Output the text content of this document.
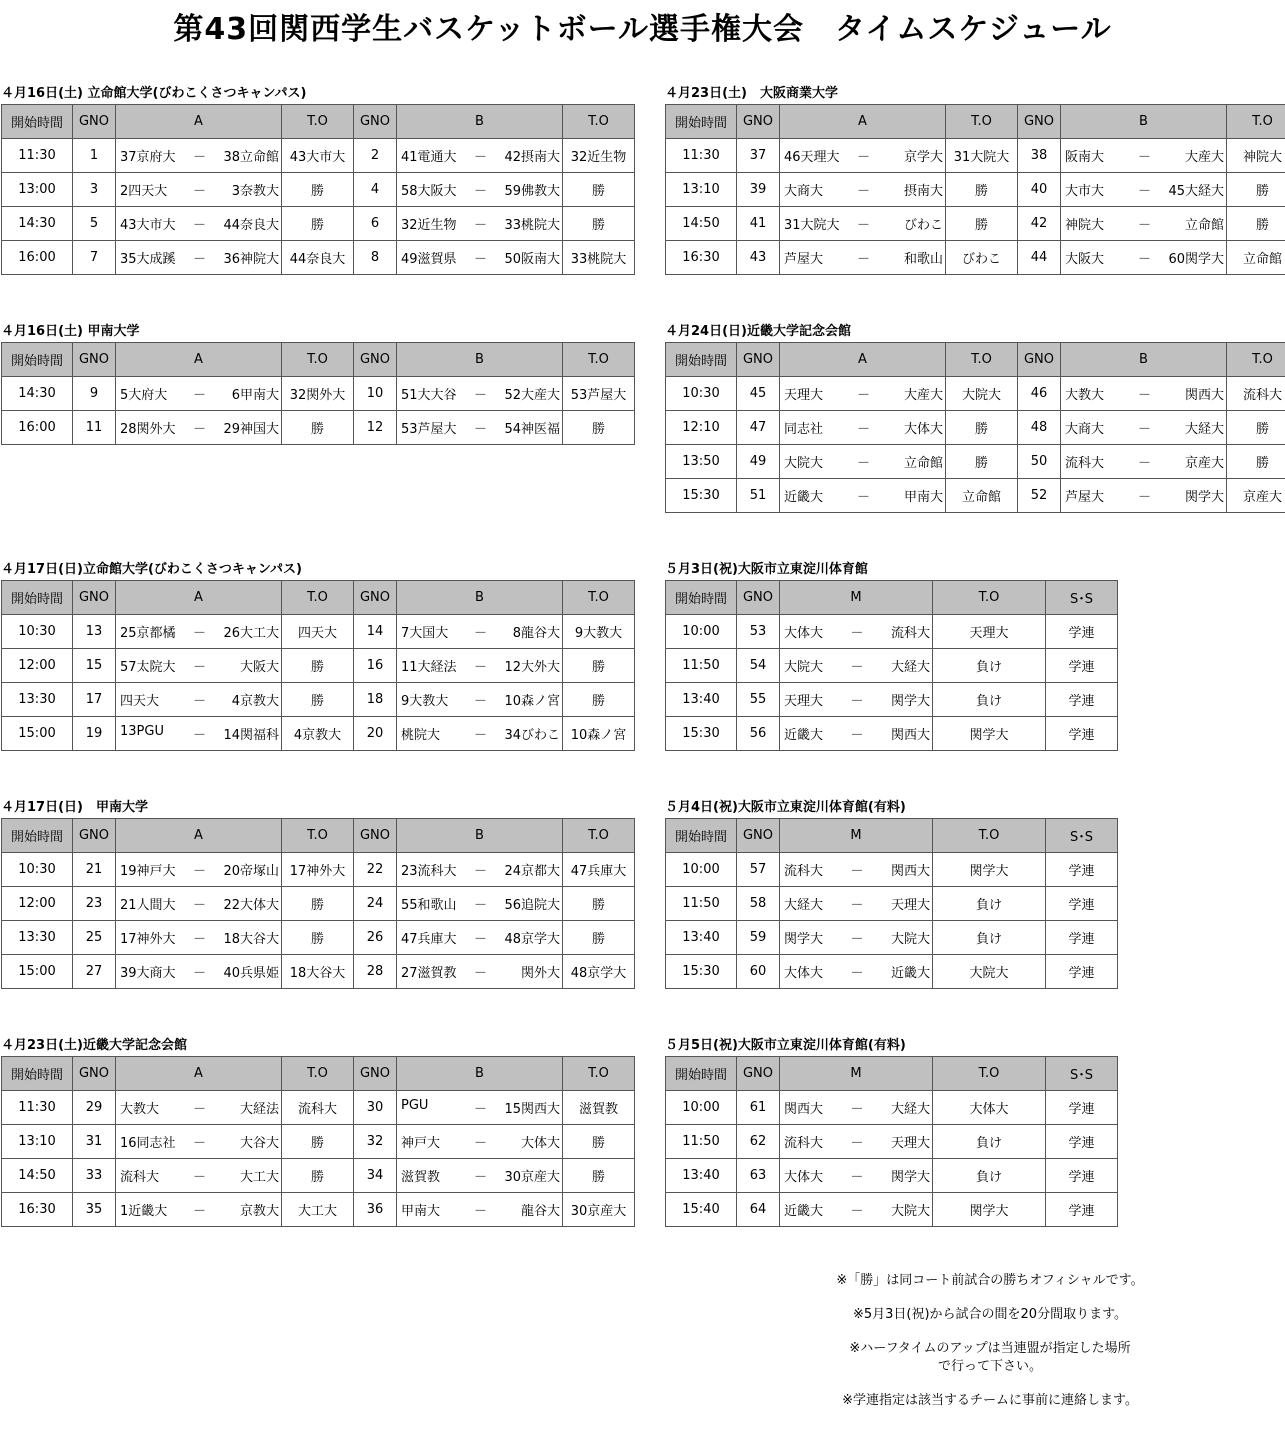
第43回関西学生バスケットボール選手権大会　タイムスケジュール
４月16日(土) 立命館大学(びわこくさつキャンパス)
開始時間	GNO	A	T.O	GNO	B	T.O
11:30	1	37京府大 － 38立命館	43大市大	2	41電通大 － 42摂南大	32近生物
13:00	3	2四天大 － 3奈教大	勝	4	58大阪大 － 59佛教大	勝
14:30	5	43大市大 － 44奈良大	勝	6	32近生物 － 33桃院大	勝
16:00	7	35大成蹊 － 36神院大	44奈良大	8	49滋賀県 － 50阪南大	33桃院大
４月16日(土) 甲南大学
開始時間	GNO	A	T.O	GNO	B	T.O
14:30	9	5大府大 － 6甲南大	32関外大	10	51大大谷 － 52大産大	53芦屋大
16:00	11	28関外大 － 29神国大	勝	12	53芦屋大 － 54神医福	勝
４月17日(日)立命館大学(びわこくさつキャンパス)
開始時間	GNO	A	T.O	GNO	B	T.O
10:30	13	25京都橘 － 26大工大	四天大	14	7大国大 － 8龍谷大	9大教大
12:00	15	57太院大 － 大阪大	勝	16	11大経法 － 12大外大	勝
13:30	17	四天大 － 4京教大	勝	18	9大教大 － 10森ノ宮	勝
15:00	19	13PGU － 14関福科	4京教大	20	桃院大 － 34びわこ	10森ノ宮
４月17日(日)　甲南大学
開始時間	GNO	A	T.O	GNO	B	T.O
10:30	21	19神戸大 － 20帝塚山	17神外大	22	23流科大 － 24京都大	47兵庫大
12:00	23	21人間大 － 22大体大	勝	24	55和歌山 － 56追院大	勝
13:30	25	17神外大 － 18大谷大	勝	26	47兵庫大 － 48京学大	勝
15:00	27	39大商大 － 40兵県姫	18大谷大	28	27滋賀教 － 関外大	48京学大
４月23日(土)近畿大学記念会館
開始時間	GNO	A	T.O	GNO	B	T.O
11:30	29	大教大 － 大経法	流科大	30	PGU － 15関西大	滋賀教
13:10	31	16同志社 － 大谷大	勝	32	神戸大 － 大体大	勝
14:50	33	流科大 － 大工大	勝	34	滋賀教 － 30京産大	勝
16:30	35	1近畿大 － 京教大	大工大	36	甲南大 － 龍谷大	30京産大
４月23日(土)　大阪商業大学
開始時間	GNO	A	T.O	GNO	B	T.O
11:30	37	46天理大 － 京学大	31大院大	38	阪南大 － 大産大	神院大
13:10	39	大商大 － 摂南大	勝	40	大市大 － 45大経大	勝
14:50	41	31大院大 － びわこ	勝	42	神院大 － 立命館	勝
16:30	43	芦屋大 － 和歌山	びわこ	44	大阪大 － 60関学大	立命館
４月24日(日)近畿大学記念会館
開始時間	GNO	A	T.O	GNO	B	T.O
10:30	45	天理大 － 大産大	大院大	46	大教大 － 関西大	流科大
12:10	47	同志社 － 大体大	勝	48	大商大 － 大経大	勝
13:50	49	大院大 － 立命館	勝	50	流科大 － 京産大	勝
15:30	51	近畿大 － 甲南大	立命館	52	芦屋大 － 関学大	京産大
５月3日(祝)大阪市立東淀川体育館
開始時間	GNO	M	T.O	S･S
10:00	53	大体大 － 流科大	天理大	学連
11:50	54	大院大 － 大経大	負け	学連
13:40	55	天理大 － 関学大	負け	学連
15:30	56	近畿大 － 関西大	関学大	学連
５月4日(祝)大阪市立東淀川体育館(有料)
開始時間	GNO	M	T.O	S･S
10:00	57	流科大 － 関西大	関学大	学連
11:50	58	大経大 － 天理大	負け	学連
13:40	59	関学大 － 大院大	負け	学連
15:30	60	大体大 － 近畿大	大院大	学連
５月5日(祝)大阪市立東淀川体育館(有料)
開始時間	GNO	M	T.O	S･S
10:00	61	関西大 － 大経大	大体大	学連
11:50	62	流科大 － 天理大	負け	学連
13:40	63	大体大 － 関学大	負け	学連
15:40	64	近畿大 － 大院大	関学大	学連

※「勝」は同コート前試合の勝ちオフィシャルです。

※5月3日(祝)から試合の間を20分間取ります。

※ハーフタイムのアップは当連盟が指定した場所
で行って下さい。

※学連指定は該当するチームに事前に連絡します。
